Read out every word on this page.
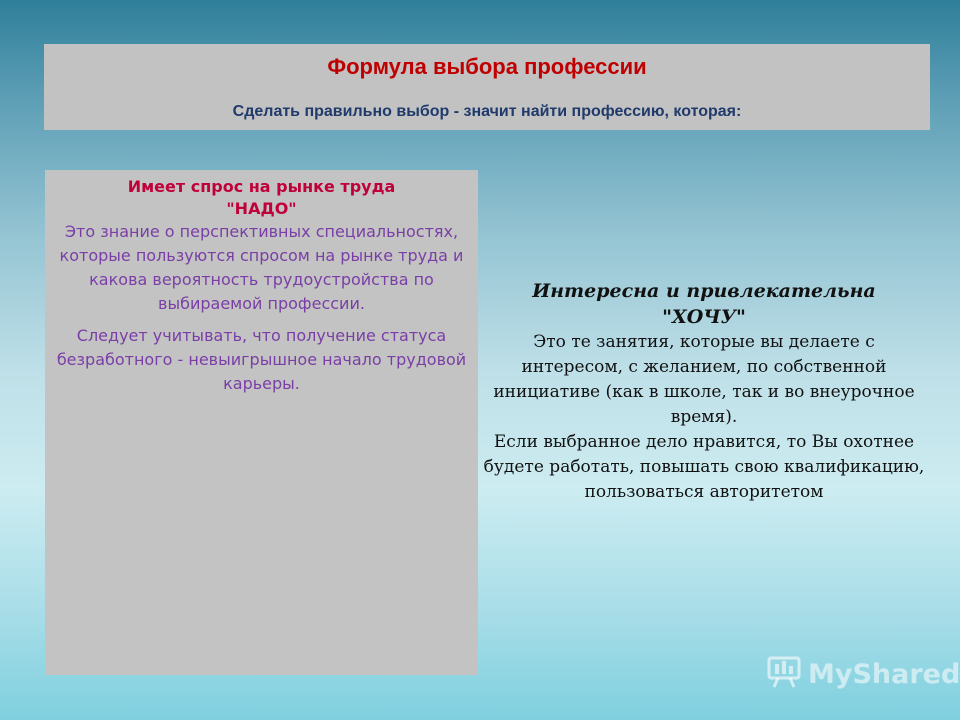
Формула выбора профессии
Сделать правильно выбор - значит найти профессию, которая:
Имеет спрос на рынке труда
"НАДО"
Это знание о перспективных специальностях, которые пользуются спросом на рынке труда и какова вероятность трудоустройства по выбираемой профессии.
Следует учитывать, что получение статуса безработного - невыигрышное начало трудовой карьеры.
Интересна и привлекательна
"ХОЧУ"
Это те занятия, которые вы делаете с интересом, с желанием, по собственной инициативе (как в школе, так и во внеурочное время).
Если выбранное дело нравится, то Вы охотнее будете работать, повышать свою квалификацию, пользоваться авторитетом
MyShared
